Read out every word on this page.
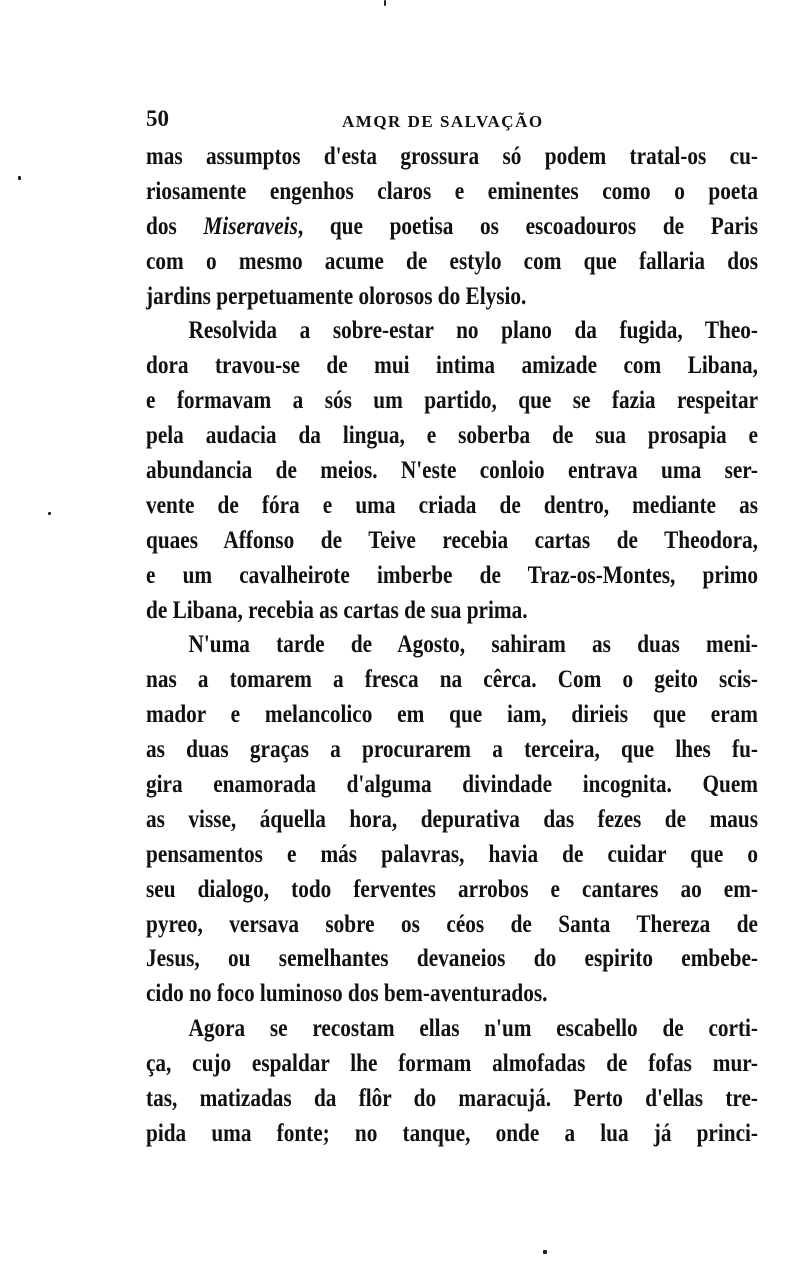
50	AMQR DE SALVAÇÃO
mas assumptos d'esta grossura só podem tratal-os cu-
riosamente engenhos claros e eminentes como o poeta
dos Miseraveis, que poetisa os escoadouros de Paris
com o mesmo acume de estylo com que fallaria dos
jardins perpetuamente olorosos do Elysio.
Resolvida a sobre-estar no plano da fugida, Theo-
dora travou-se de mui intima amizade com Libana,
e formavam a sós um partido, que se fazia respeitar
pela audacia da lingua, e soberba de sua prosapia e
abundancia de meios. N'este conloio entrava uma ser-
vente de fóra e uma criada de dentro, mediante as
quaes Affonso de Teive recebia cartas de Theodora,
e um cavalheirote imberbe de Traz-os-Montes, primo
de Libana, recebia as cartas de sua prima.
N'uma tarde de Agosto, sahiram as duas meni-
nas a tomarem a fresca na cêrca. Com o geito scis-
mador e melancolico em que iam, dirieis que eram
as duas graças a procurarem a terceira, que lhes fu-
gira enamorada d'alguma divindade incognita. Quem
as visse, áquella hora, depurativa das fezes de maus
pensamentos e más palavras, havia de cuidar que o
seu dialogo, todo ferventes arrobos e cantares ao em-
pyreo, versava sobre os céos de Santa Thereza de
Jesus, ou semelhantes devaneios do espirito embebe-
cido no foco luminoso dos bem-aventurados.
Agora se recostam ellas n'um escabello de corti-
ça, cujo espaldar lhe formam almofadas de fofas mur-
tas, matizadas da flôr do maracujá. Perto d'ellas tre-
pida uma fonte; no tanque, onde a lua já princi-
